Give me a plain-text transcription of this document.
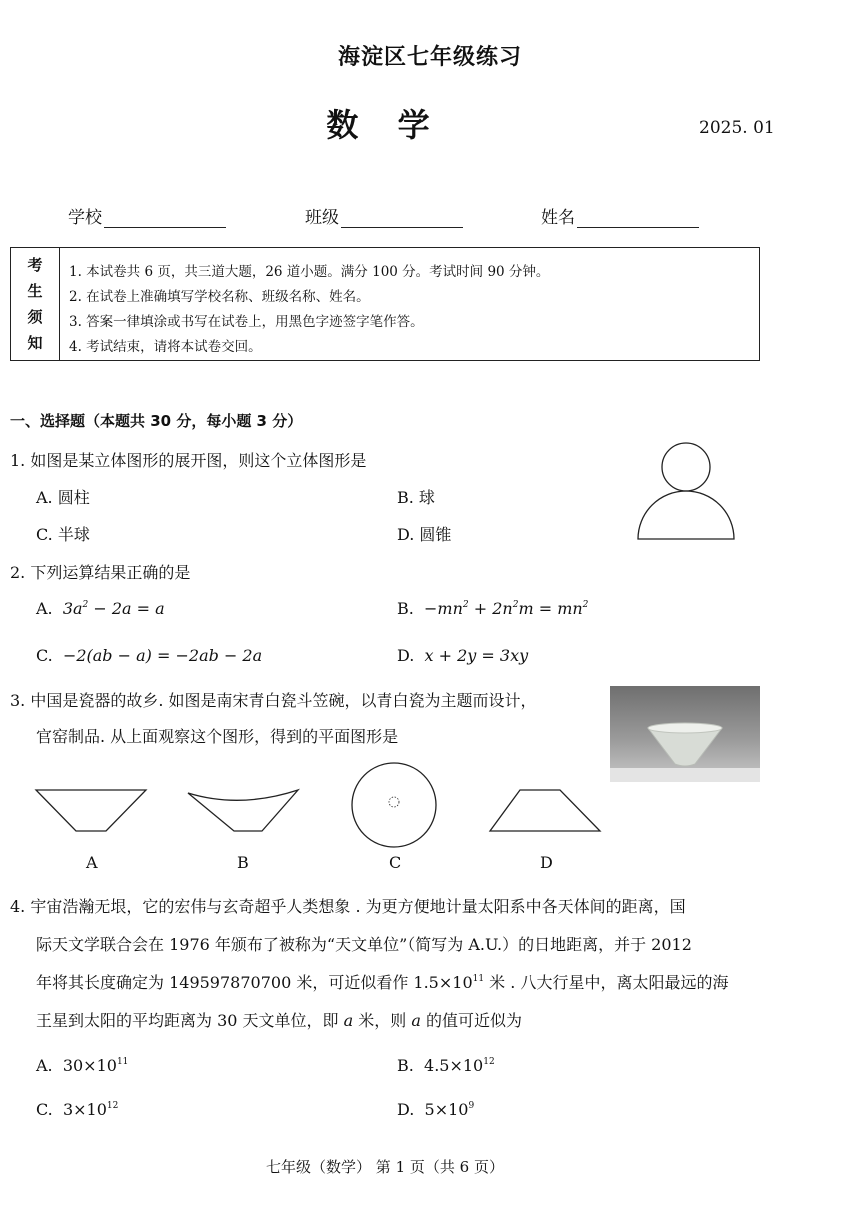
海淀区七年级练习
数 学	2025. 01
学校	班级	姓名
考
生
须
知
1. 本试卷共 6 页，共三道大题，26 道小题。满分 100 分。考试时间 90 分钟。
2. 在试卷上准确填写学校名称、班级名称、姓名。
3. 答案一律填涂或书写在试卷上，用黑色字迹签字笔作答。
4. 考试结束，请将本试卷交回。
一、选择题（本题共 30 分，每小题 3 分）
1. 如图是某立体图形的展开图，则这个立体图形是
A. 圆柱	B. 球
C. 半球	D. 圆锥
2. 下列运算结果正确的是
A. $3a^2 - 2a = a$	B. $-mn^2 + 2n^2m = mn^2$
C. −2(ab − a) = −2ab − 2a	D. x + 2y = 3xy
3. 中国是瓷器的故乡. 如图是南宋青白瓷斗笠碗，以青白瓷为主题而设计，
官窑制品. 从上面观察这个图形，得到的平面图形是
A	B	C	D
4. 宇宙浩瀚无垠，它的宏伟与玄奇超乎人类想象 . 为更方便地计量太阳系中各天体间的距离，国
际天文学联合会在 1976 年颁布了被称为“天文单位”（简写为 A.U.）的日地距离，并于 2012
年将其长度确定为 149597870700 米，可近似看作 $1.5\times 10^{11}$ 米 . 八大行星中，离太阳最远的海
王星到太阳的平均距离为 30 天文单位，即 a 米，则 a 的值可近似为
A. $30\times 10^{11}$	B. $4.5\times 10^{12}$
C. $3\times 10^{12}$	D. $5\times 10^9$
七年级（数学） 第 1 页（共 6 页）
